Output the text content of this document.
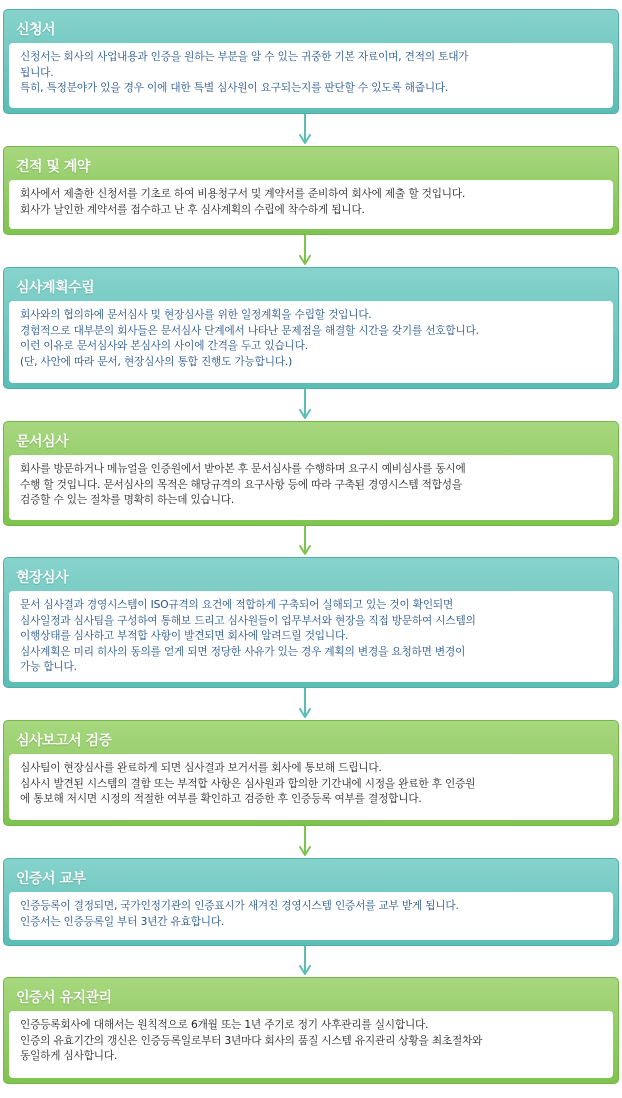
신청서
신청서는 회사의 사업내용과 인증을 원하는 부분을 알 수 있는 귀중한 기본 자료이며, 견적의 토대가
됩니다.
특히, 특정분야가 있을 경우 이에 대한 특별 심사원이 요구되는지를 판단할 수 있도록 해줍니다.
견적 및 계약
회사에서 제출한 신청서를 기초로 하여 비용청구서 및 계약서를 준비하여 회사에 제출 할 것입니다.
회사가 날인한 계약서를 접수하고 난 후 심사계획의 수립에 착수하게 됩니다.
심사계획수립
회사와의 협의하에 문서심사 및 현장심사를 위한 일정계획을 수립할 것입니다.
경험적으로 대부분의 회사들은 문서심사 단계에서 나타난 문제점을 해결할 시간을 갖기를 선호합니다.
이런 이유로 문서심사와 본심사의 사이에 간격을 두고 있습니다.
(단, 사안에 따라 문서, 현장심사의 통합 진행도 가능합니다.)
문서심사
회사를 방문하거나 메뉴얼을 인증원에서 받아본 후 문서심사를 수행하며 요구시 예비심사를 동시에
수행 할 것입니다. 문서심사의 목적은 해당규격의 요구사항 등에 따라 구축된 경영시스템 적합성을
검증할 수 있는 절차를 명확히 하는데 있습니다.
현장심사
문서 심사결과 경영시스템이 ISO규격의 요건에 적합하게 구축되어 실해되고 있는 것이 확인되면
심사일정과 심사팀을 구성하여 통해보 드리고 심사원들이 업무부서와 현장을 직접 방문하여 시스템의
이행상태를 심사하고 부적합 사항이 발견되면 회사에 알려드릴 것입니다.
심사계획은 미리 히사의 동의를 얻게 되면 정당한 사유가 있는 경우 계획의 변경을 요청하면 변경이
가능 합니다.
심사보고서 검증
심사팀이 현장심사를 완료하게 되면 심사결과 보거서를 회사에 통보해 드립니다.
심사시 발견된 시스템의 결함 또는 부적합 사항은 심사원과 합의한 기간내에 시정을 완료한 후 인증원
에 통보해 저시면 시정의 적절한 여부를 확인하고 검증한 후 인증등록 여부를 결정합니다.
인증서 교부
인증등록이 결정되면, 국가인정기관의 인증표시가 새겨진 경영시스템 인증서를 교부 받게 됩니다.
인증서는 인증등록일 부터 3년간 유효합니다.
인증서 유지관리
인증등록회사에 대해서는 원칙적으로 6개월 또는 1년 주기로 정기 사후관리를 실시합니다.
인증의 유효기간의 갱신은 인증등록일로부터 3년마다 회사의 품질 시스템 유지관리 상황을 최초절차와
동일하게 심사합니다.
